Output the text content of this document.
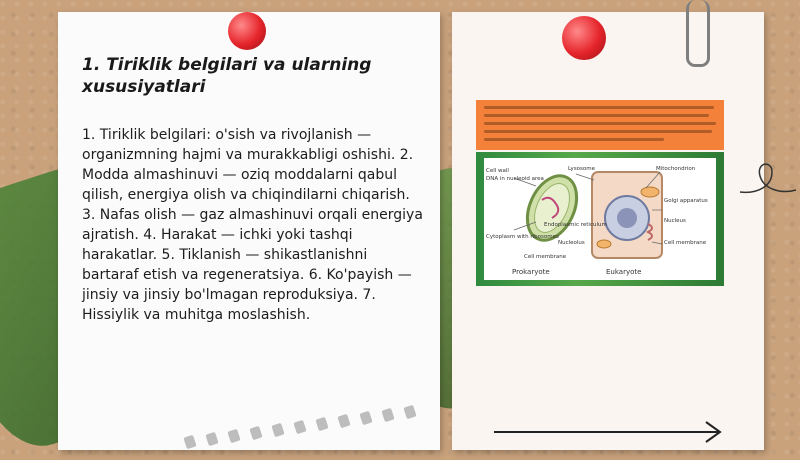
1. Tiriklik belgilari va ularning xususiyatlari

1. Tiriklik belgilari: o'sish va rivojlanish — organizmning hajmi va murakkabligi oshishi. 2. Modda almashinuvi — oziq moddalarni qabul qilish, energiya olish va chiqindilarni chiqarish. 3. Nafas olish — gaz almashinuvi orqali energiya ajratish. 4. Harakat — ichki yoki tashqi harakatlar. 5. Tiklanish — shikastlanishni bartaraf etish va regeneratsiya. 6. Ko'payish — jinsiy va jinsiy bo'lmagan reproduksiya. 7. Hissiylik va muhitga moslashish.

Cell wall
DNA in nucleoid area
Cytoplasm with ribosomes
Cell membrane
Lysosome
Endoplasmic reticulum
Nucleolus
Mitochondrion
Golgi apparatus
Nucleus
Cell membrane
Prokaryote	Eukaryote
